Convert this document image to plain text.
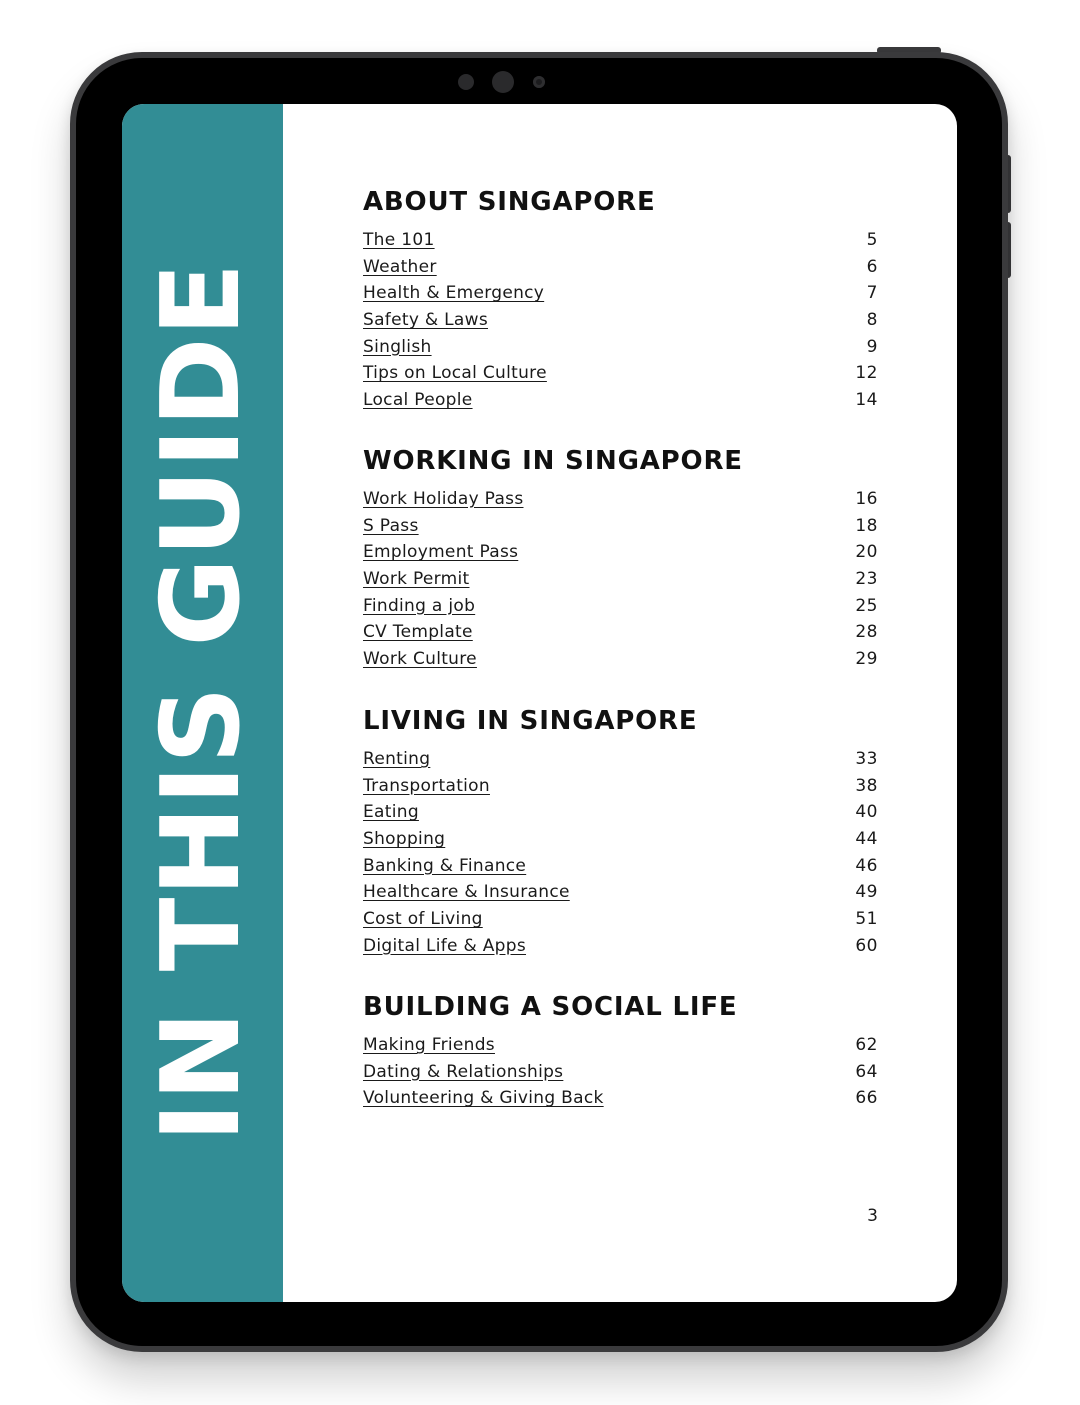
IN THIS GUIDE
ABOUT SINGAPORE
The 101	5
Weather	6
Health & Emergency	7
Safety & Laws	8
Singlish	9
Tips on Local Culture	12
Local People	14
WORKING IN SINGAPORE
Work Holiday Pass	16
S Pass	18
Employment Pass	20
Work Permit	23
Finding a job	25
CV Template	28
Work Culture	29
LIVING IN SINGAPORE
Renting	33
Transportation	38
Eating	40
Shopping	44
Banking & Finance	46
Healthcare & Insurance	49
Cost of Living	51
Digital Life & Apps	60
BUILDING A SOCIAL LIFE
Making Friends	62
Dating & Relationships	64
Volunteering & Giving Back	66
3
